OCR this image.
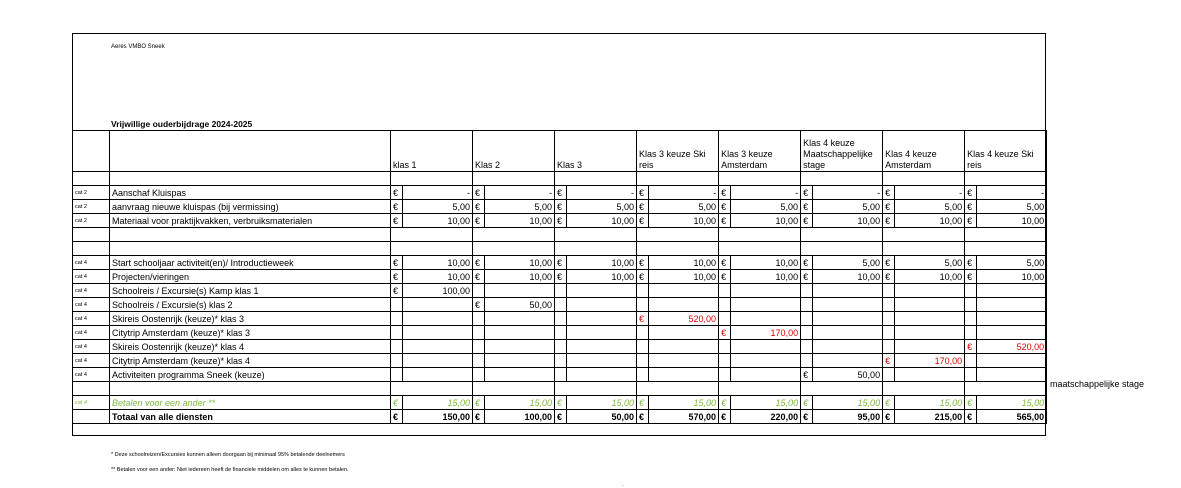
Aeres VMBO Sneek
Vrijwillige ouderbijdrage 2024-2025
		klas 1		Klas 2		Klas 3		Klas 3 keuze Ski reis		Klas 3 keuze Amsterdam		Klas 4 keuze Maatschappelijke stage		Klas 4 keuze Amsterdam		Klas 4 keuze Ski reis	

cat 2	Aanschaf Kluispas	€	-	€	-	€	-	€	-	€	-	€	-	€	-	€	-
cat 2	aanvraag nieuwe kluispas (bij vermissing)	€	5,00	€	5,00	€	5,00	€	5,00	€	5,00	€	5,00	€	5,00	€	5,00
cat 2	Materiaal voor praktijkvakken, verbruiksmaterialen	€	10,00	€	10,00	€	10,00	€	10,00	€	10,00	€	10,00	€	10,00	€	10,00

cat 4	Start schooljaar activiteit(en)/ Introductieweek	€	10,00	€	10,00	€	10,00	€	10,00	€	10,00	€	5,00	€	5,00	€	5,00
cat 4	Projecten/vieringen	€	10,00	€	10,00	€	10,00	€	10,00	€	10,00	€	10,00	€	10,00	€	10,00
cat 4	Schoolreis / Excursie(s) Kamp klas 1	€	100,00														
cat 4	Schoolreis / Excursie(s) klas 2			€	50,00												
cat 4	Skireis Oostenrijk (keuze)* klas 3							€	520,00								
cat 4	Citytrip Amsterdam (keuze)* klas 3									€	170,00						
cat 4	Skireis Oostenrijk (keuze)* klas 4															€	520,00
cat 4	Citytrip Amsterdam (keuze)* klas 4													€	170,00		
cat 4	Activiteiten programma Sneek (keuze)											€	50,00				

cat 4	Betalen voor een ander **	€	15,00	€	15,00	€	15,00	€	15,00	€	15,00	€	15,00	€	15,00	€	15,00
	Totaal van alle diensten	€	150,00	€	100,00	€	50,00	€	570,00	€	220,00	€	95,00	€	215,00	€	565,00
maatschappelijke stage
* Deze schoolreizen/Excursies kunnen alleen doorgaan bij minimaal 95% betalende deelnemers
** Betalen voor een ander: Niet iedereen heeft de financiele middelen om alles te kunnen betalen.
.
